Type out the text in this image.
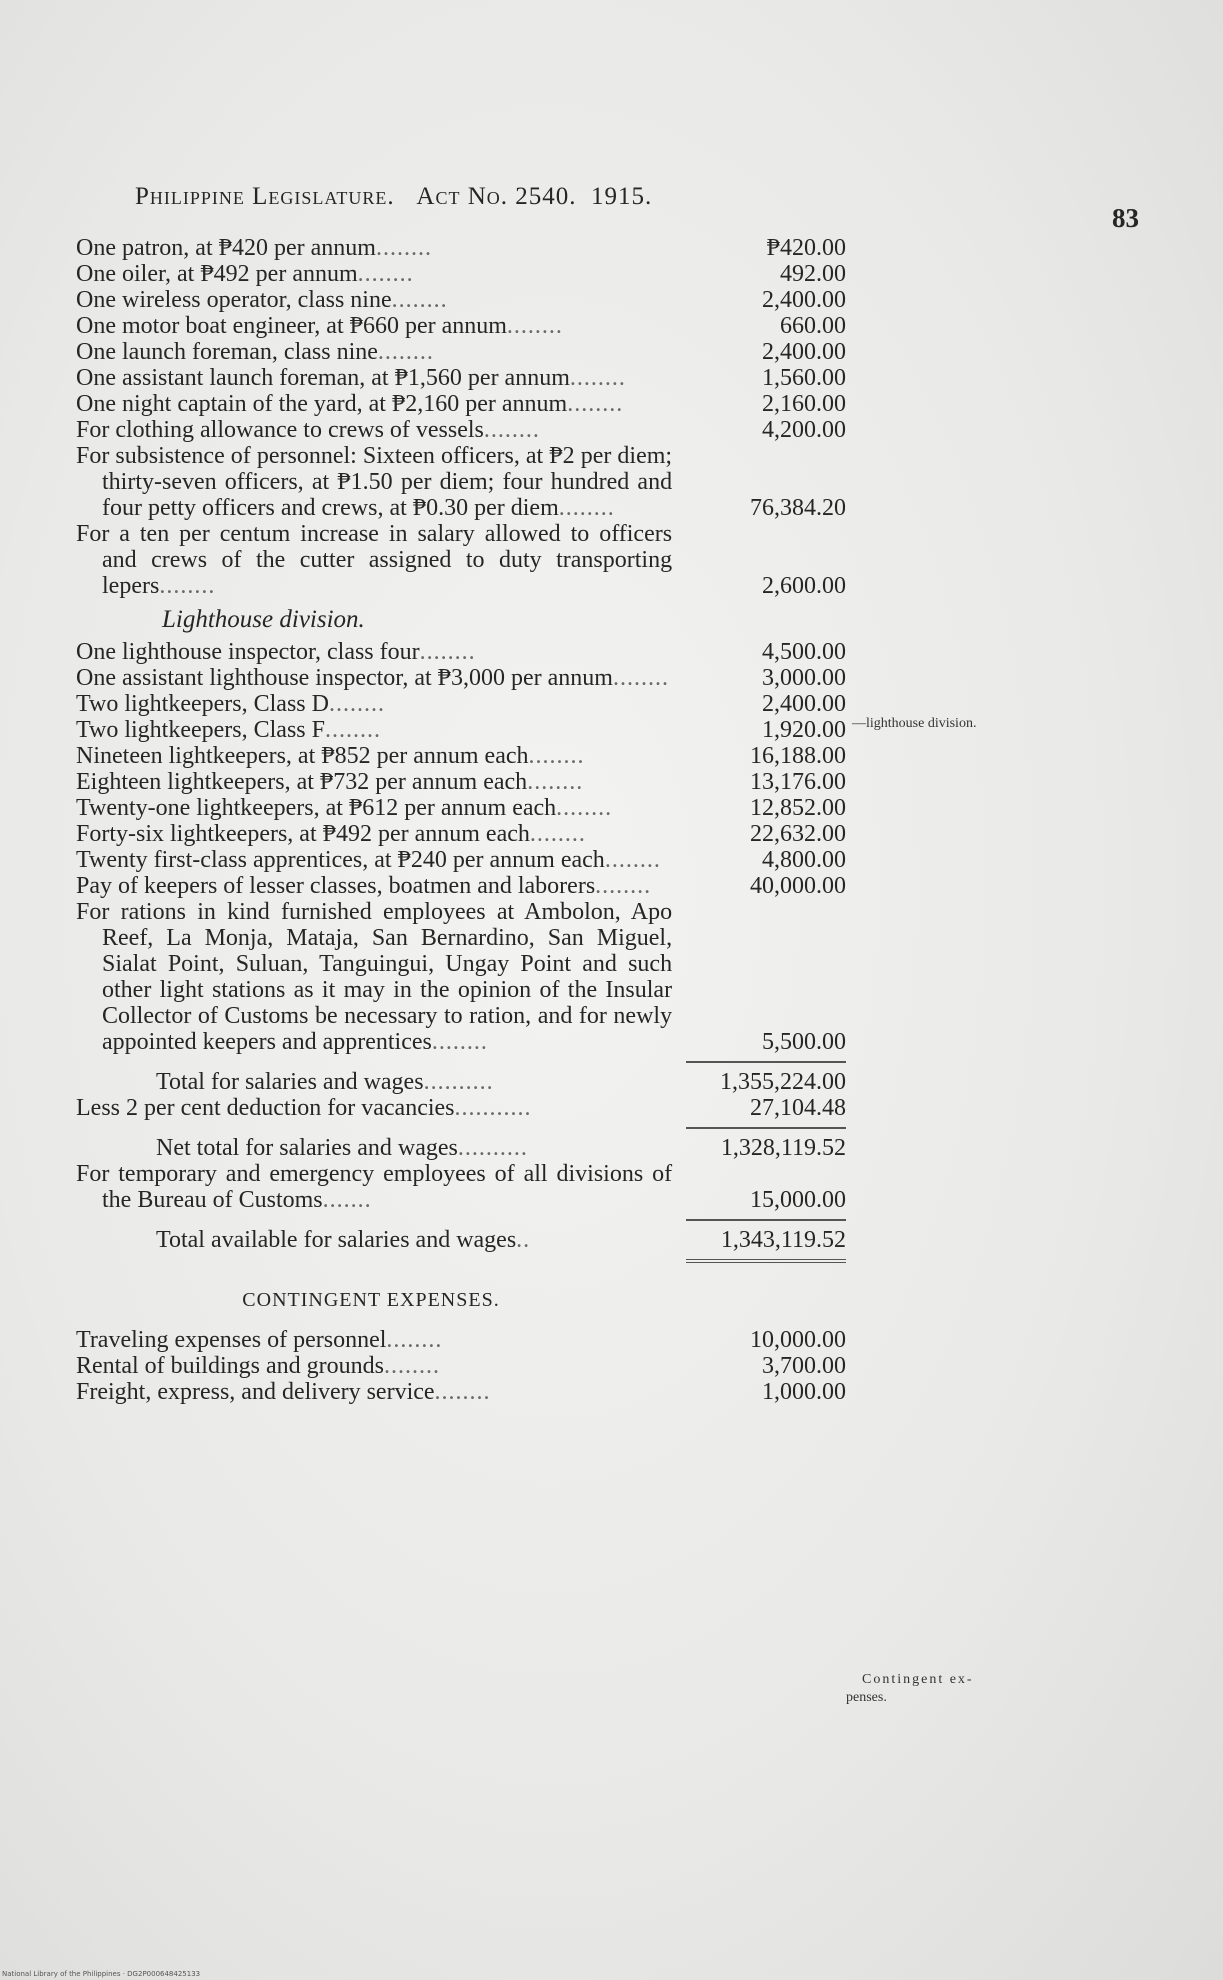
Philippine Legislature. Act No. 2540. 1915.
83
One patron, at ₱420 per annum........	₱420.00
One oiler, at ₱492 per annum........	492.00
One wireless operator, class nine........	2,400.00
One motor boat engineer, at ₱660 per annum........	660.00
One launch foreman, class nine........	2,400.00
One assistant launch foreman, at ₱1,560 per annum........	1,560.00
One night captain of the yard, at ₱2,160 per annum........	2,160.00
For clothing allowance to crews of vessels........	4,200.00
For subsistence of personnel: Sixteen officers, at ₱2 per diem; thirty-seven officers, at ₱1.50 per diem; four hundred and four petty officers and crews, at ₱0.30 per diem........	76,384.20
For a ten per centum increase in salary allowed to officers and crews of the cutter assigned to duty transporting lepers........	2,600.00
Lighthouse division.
One lighthouse inspector, class four........	4,500.00
One assistant lighthouse inspector, at ₱3,000 per annum........	3,000.00
Two lightkeepers, Class D........	2,400.00
Two lightkeepers, Class F........	1,920.00
Nineteen lightkeepers, at ₱852 per annum each........	16,188.00
Eighteen lightkeepers, at ₱732 per annum each........	13,176.00
Twenty-one lightkeepers, at ₱612 per annum each........	12,852.00
Forty-six lightkeepers, at ₱492 per annum each........	22,632.00
Twenty first-class apprentices, at ₱240 per annum each........	4,800.00
Pay of keepers of lesser classes, boatmen and laborers........	40,000.00
For rations in kind furnished employees at Ambolon, Apo Reef, La Monja, Mataja, San Bernardino, San Miguel, Sialat Point, Suluan, Tanguingui, Ungay Point and such other light stations as it may in the opinion of the Insular Collector of Customs be necessary to ration, and for newly appointed keepers and apprentices........	5,500.00
Total for salaries and wages..........	1,355,224.00
Less 2 per cent deduction for vacancies...........	27,104.48
Net total for salaries and wages..........	1,328,119.52
For temporary and emergency employees of all divisions of the Bureau of Customs.......	15,000.00
Total available for salaries and wages..	1,343,119.52
CONTINGENT EXPENSES.
Traveling expenses of personnel........	10,000.00
Rental of buildings and grounds........	3,700.00
Freight, express, and delivery service........	1,000.00
—lighthouse division.
Contingent ex-
penses.
National Library of the Philippines · DG2P000648425133
